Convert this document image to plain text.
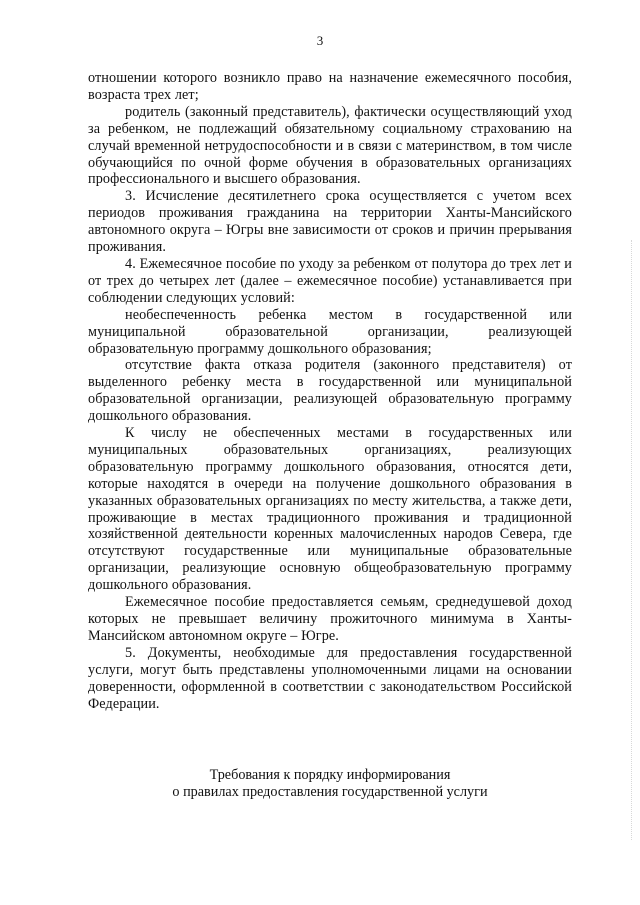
3

отношении которого возникло право на назначение ежемесячного пособия, возраста трех лет;

родитель (законный представитель), фактически осуществляющий уход за ребенком, не подлежащий обязательному социальному страхованию на случай временной нетрудоспособности и в связи с материнством, в том числе обучающийся по очной форме обучения в образовательных организациях профессионального и высшего образования.

3. Исчисление десятилетнего срока осуществляется с учетом всех периодов проживания гражданина на территории Ханты-Мансийского автономного округа – Югры вне зависимости от сроков и причин прерывания проживания.

4. Ежемесячное пособие по уходу за ребенком от полутора до трех лет и от трех до четырех лет (далее – ежемесячное пособие) устанавливается при соблюдении следующих условий:

необеспеченность ребенка местом в государственной или муниципальной образовательной организации, реализующей образовательную программу дошкольного образования;

отсутствие факта отказа родителя (законного представителя) от выделенного ребенку места в государственной или муниципальной образовательной организации, реализующей образовательную программу дошкольного образования.

К числу не обеспеченных местами в государственных или муниципальных образовательных организациях, реализующих образовательную программу дошкольного образования, относятся дети, которые находятся в очереди на получение дошкольного образования в указанных образовательных организациях по месту жительства, а также дети, проживающие в местах традиционного проживания и традиционной хозяйственной деятельности коренных малочисленных народов Севера, где отсутствуют государственные или муниципальные образовательные организации, реализующие основную общеобразовательную программу дошкольного образования.

Ежемесячное пособие предоставляется семьям, среднедушевой доход которых не превышает величину прожиточного минимума в Ханты-Мансийском автономном округе – Югре.

5. Документы, необходимые для предоставления государственной услуги, могут быть представлены уполномоченными лицами на основании доверенности, оформленной в соответствии с законодательством Российской Федерации.

Требования к порядку информирования
о правилах предоставления государственной услуги
